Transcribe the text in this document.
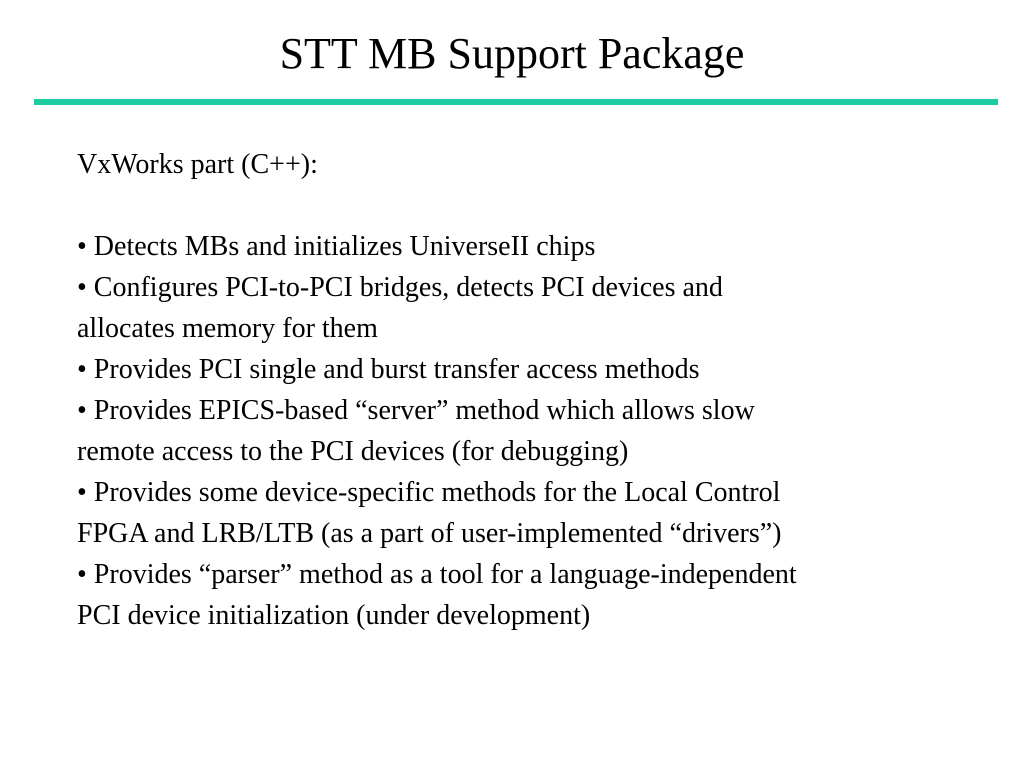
STT MB Support Package

VxWorks part (C++):

• Detects MBs and initializes UniverseII chips

• Configures PCI-to-PCI bridges, detects PCI devices and
allocates memory for them

• Provides PCI single and burst transfer access methods

• Provides EPICS-based “server” method which allows slow
remote access to the PCI devices (for debugging)

• Provides some device-specific methods for the Local Control
FPGA and LRB/LTB (as a part of user-implemented “drivers”)

• Provides “parser” method as a tool for a language-independent
PCI device initialization (under development)
